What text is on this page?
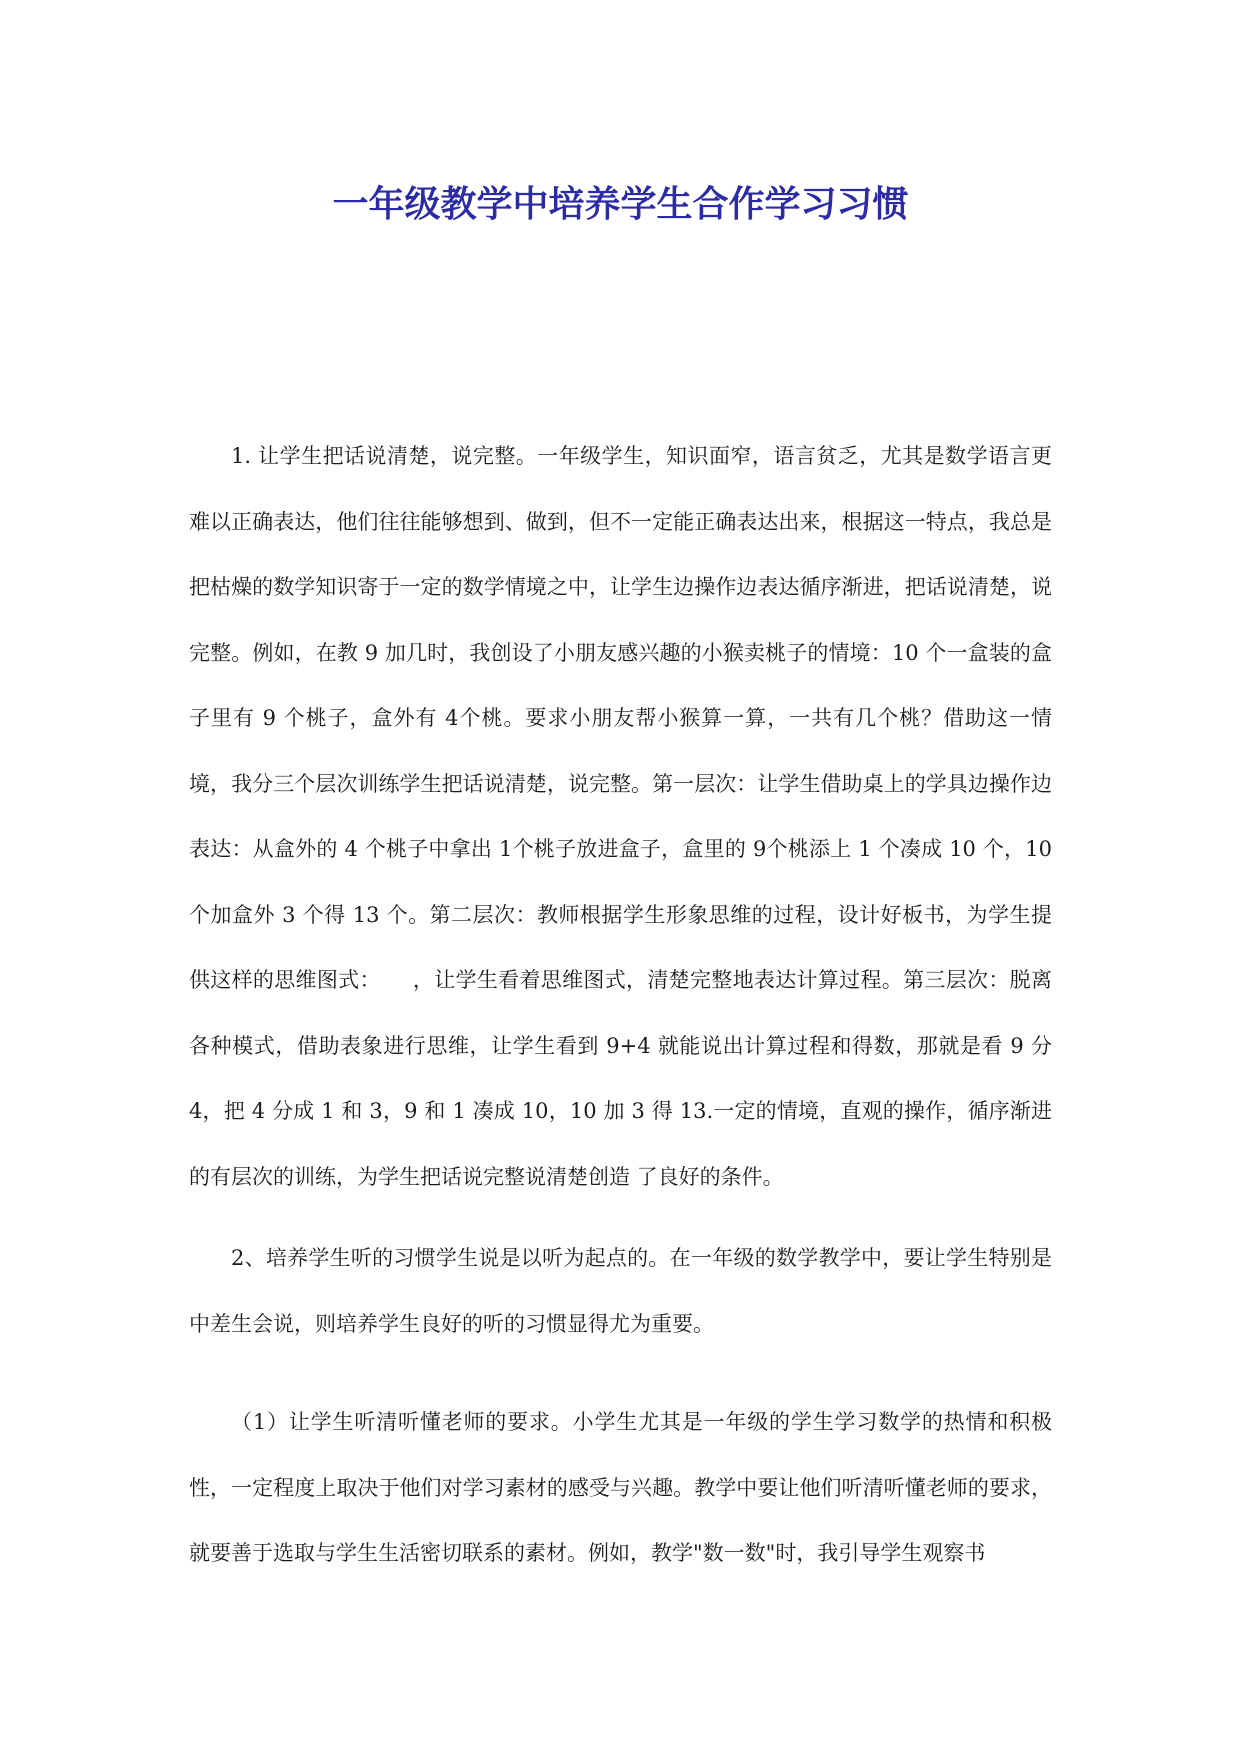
一年级教学中培养学生合作学习习惯

1. 让学生把话说清楚，说完整。一年级学生，知识面窄，语言贫乏，尤其是数学语言更难以正确表达，他们往往能够想到、做到，但不一定能正确表达出来，根据这一特点，我总是把枯燥的数学知识寄于一定的数学情境之中，让学生边操作边表达循序渐进，把话说清楚，说完整。例如，在教 9 加几时，我创设了小朋友感兴趣的小猴卖桃子的情境：10 个一盒装的盒子里有 9 个桃子，盒外有 4个桃。要求小朋友帮小猴算一算，一共有几个桃？借助这一情境，我分三个层次训练学生把话说清楚，说完整。第一层次：让学生借助桌上的学具边操作边表达：从盒外的 4 个桃子中拿出 1个桃子放进盒子，盒里的 9个桃添上 1 个凑成 10 个，10 个加盒外 3 个得 13 个。第二层次：教师根据学生形象思维的过程，设计好板书，为学生提供这样的思维图式：　　，让学生看着思维图式，清楚完整地表达计算过程。第三层次：脱离各种模式，借助表象进行思维，让学生看到 9+4 就能说出计算过程和得数，那就是看 9 分 4，把 4 分成 1 和 3，9 和 1 凑成 10，10 加 3 得 13.一定的情境，直观的操作，循序渐进的有层次的训练，为学生把话说完整说清楚创造 了良好的条件。

2、培养学生听的习惯学生说是以听为起点的。在一年级的数学教学中，要让学生特别是中差生会说，则培养学生良好的听的习惯显得尤为重要。

（1）让学生听清听懂老师的要求。小学生尤其是一年级的学生学习数学的热情和积极性，一定程度上取决于他们对学习素材的感受与兴趣。教学中要让他们听清听懂老师的要求，就要善于选取与学生生活密切联系的素材。例如，教学"数一数"时，我引导学生观察书
